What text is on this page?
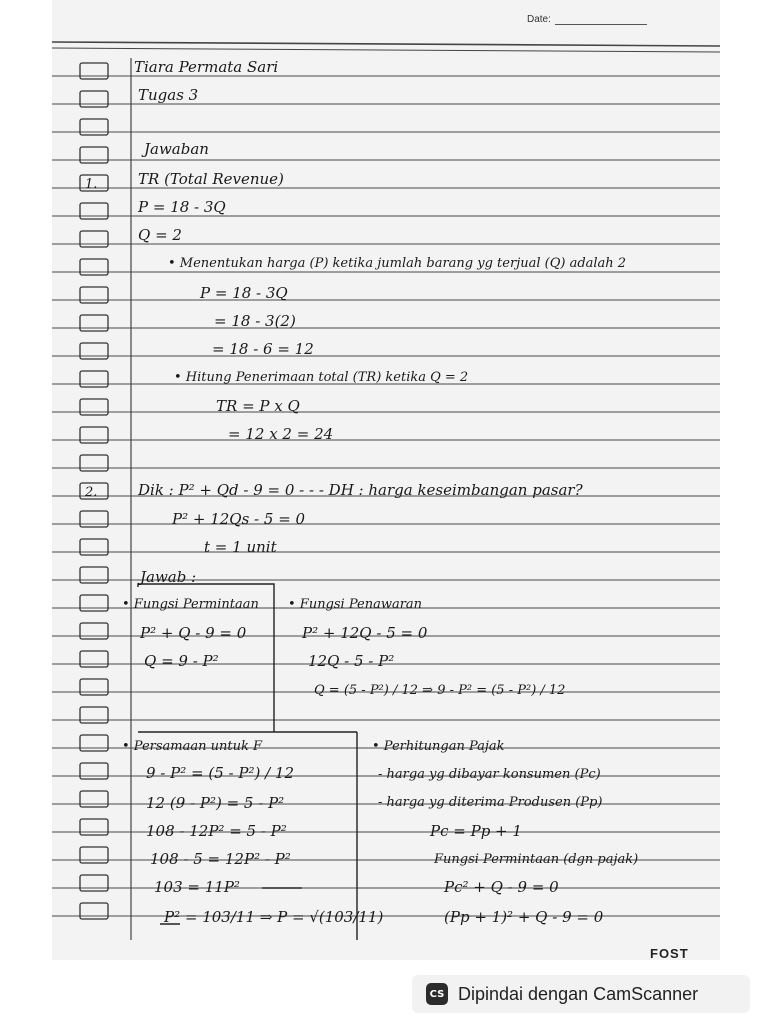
Date:
1.
2.
Tiara Permata Sari
Tugas 3
Jawaban
TR (Total Revenue)
P = 18 - 3Q
Q = 2
• Menentukan harga (P) ketika jumlah barang yg terjual (Q) adalah 2
P = 18 - 3Q
= 18 - 3(2)
= 18 - 6 = 12
• Hitung Penerimaan total (TR) ketika Q = 2
TR = P x Q
= 12 x 2 = 24
Dik : P² + Qd - 9 = 0 - - - DH : harga keseimbangan pasar?
P² + 12Qs - 5 = 0
t = 1 unit
Jawab :
• Fungsi Permintaan
P² + Q - 9 = 0
Q = 9 - P²
• Fungsi Penawaran
P² + 12Q - 5 = 0
12Q - 5 - P²
Q = (5 - P²) / 12 ⇒ 9 - P² = (5 - P²) / 12
• Persamaan untuk F
9 - P² = (5 - P²) / 12
12 (9 - P²) = 5 - P²
108 - 12P² = 5 - P²
108 - 5 = 12P² - P²
103 = 11P²
P² = 103/11 ⇒ P = √(103/11)
• Perhitungan Pajak
- harga yg dibayar konsumen (Pc)
- harga yg diterima Produsen (Pp)
Pc = Pp + 1
Fungsi Permintaan (dgn pajak)
Pc² + Q - 9 = 0
(Pp + 1)² + Q - 9 = 0
FOST
CS Dipindai dengan CamScanner
